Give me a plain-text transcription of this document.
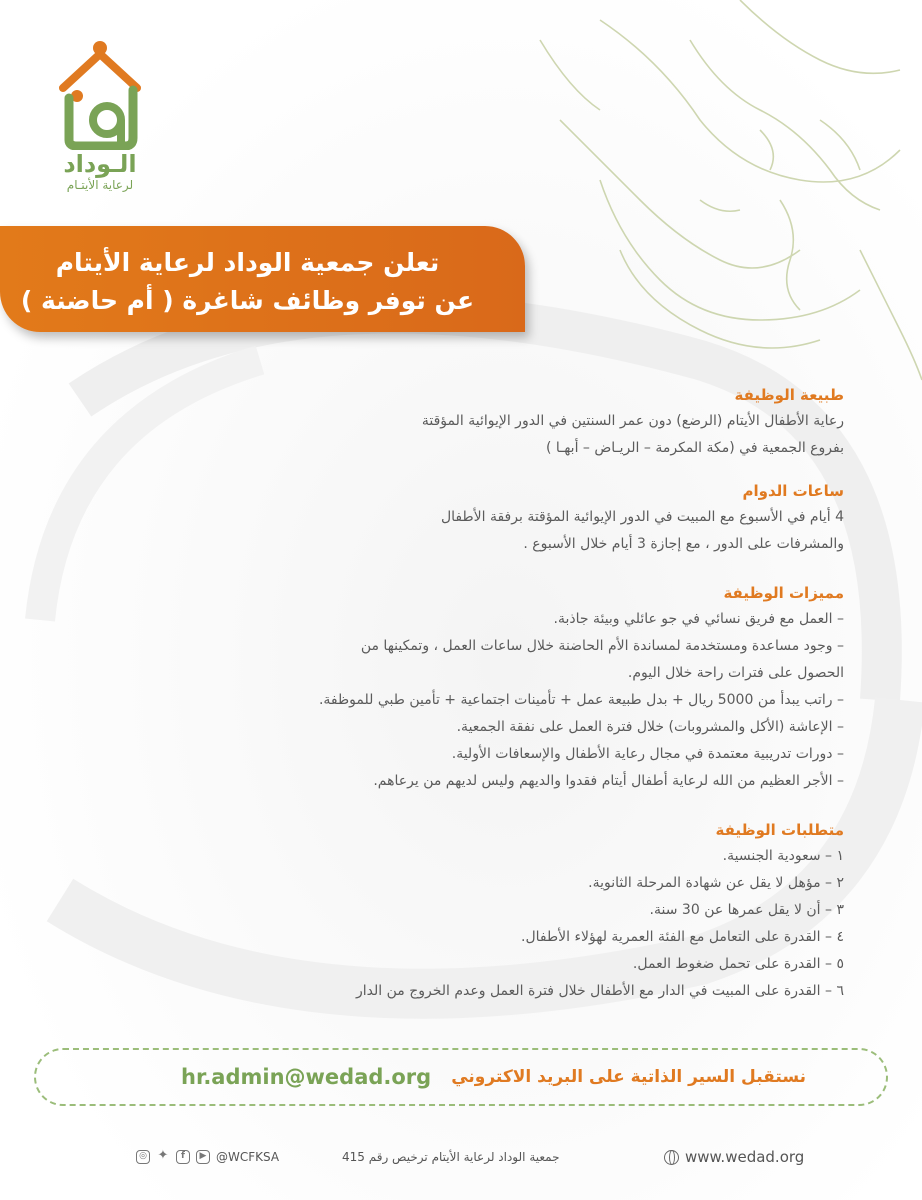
الـوداد
لرعاية الأيتـام
تعلن جمعية الوداد لرعاية الأيتام
عن توفر وظائف شاغرة ( أم حاضنة )
طبيعة الوظيفة
رعاية الأطفال الأيتام (الرضع) دون عمر السنتين في الدور الإيوائية المؤقتة
بفروع الجمعية في (مكة المكرمة – الريـاض – أبهـا )
ساعات الدوام
4 أيام في الأسبوع مع المبيت في الدور الإيوائية المؤقتة برفقة الأطفال
والمشرفات على الدور ، مع إجازة 3 أيام خلال الأسبوع .
مميزات الوظيفة
– العمل مع فريق نسائي في جو عائلي وبيئة جاذبة.
– وجود مساعدة ومستخدمة لمساندة الأم الحاضنة خلال ساعات العمل ، وتمكينها من
الحصول على فترات راحة خلال اليوم.
– راتب يبدأ من 5000 ريال + بدل طبيعة عمل + تأمينات اجتماعية + تأمين طبي للموظفة.
– الإعاشة (الأكل والمشروبات) خلال فترة العمل على نفقة الجمعية.
– دورات تدريبية معتمدة في مجال رعاية الأطفال والإسعافات الأولية.
– الأجر العظيم من الله لرعاية أطفال أيتام فقدوا والديهم وليس لديهم من يرعاهم.
متطلبات الوظيفة
١ – سعودية الجنسية.
٢ – مؤهل لا يقل عن شهادة المرحلة الثانوية.
٣ – أن لا يقل عمرها عن 30 سنة.
٤ – القدرة على التعامل مع الفئة العمرية لهؤلاء الأطفال.
٥ – القدرة على تحمل ضغوط العمل.
٦ – القدرة على المبيت في الدار مع الأطفال خلال فترة العمل وعدم الخروج من الدار
نستقبل السير الذاتية على البريد الاكتروني
hr.admin@wedad.org
◎ ✦	f	▶ @WCFKSA	جمعية الوداد لرعاية الأيتام ترخيص رقم 415	www.wedad.org
